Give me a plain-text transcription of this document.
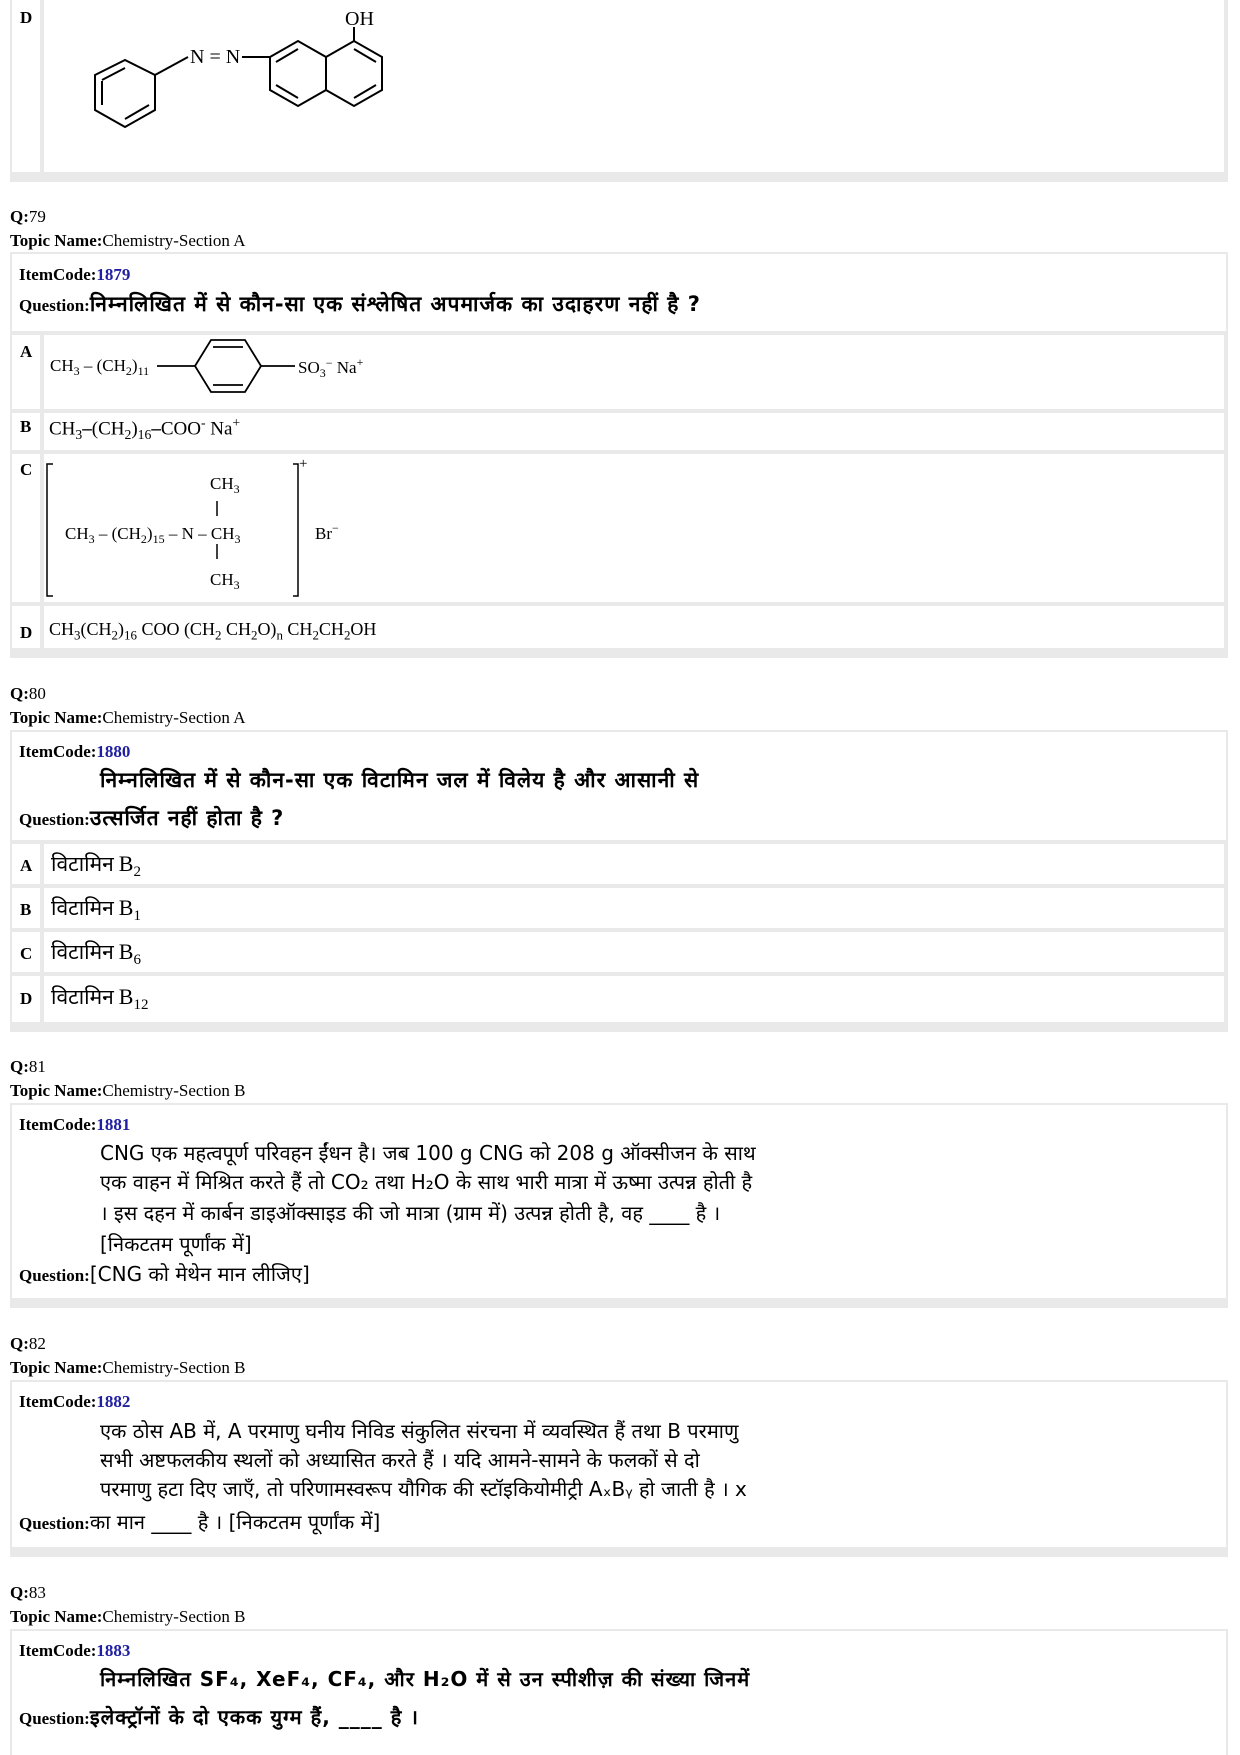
D
N = N
OH
Q:79
Topic Name:Chemistry-Section A
ItemCode:1879
Question:निम्नलिखित में से कौन-सा एक संश्लेषित अपमार्जक का उदाहरण नहीं है ?
A
$CH_3 - (CH_2)_{11}$	$SO_3^-$ Na+
B $CH_3-(CH_2)_{16}-COO^-$ Na+
C
$CH_3$
$CH_3 - (CH_2)_{15}$ – N – $CH_3$
$CH_3$
+
Br−
D $CH_3(CH_2)_{16}$ COO ($CH_2$ $CH_2O)_n$ $CH_2CH_2OH$
Q:80
Topic Name:Chemistry-Section A
ItemCode:1880
निम्नलिखित में से कौन-सा एक विटामिन जल में विलेय है और आसानी से
Question:उत्सर्जित नहीं होता है ?
A विटामिन $B_2$
B विटामिन $B_1$
C विटामिन $B_6$
D विटामिन $B_{12}$
Q:81
Topic Name:Chemistry-Section B
ItemCode:1881
CNG एक महत्वपूर्ण परिवहन ईंधन है। जब 100 g CNG को 208 g ऑक्सीजन के साथ
एक वाहन में मिश्रित करते हैं तो CO₂ तथा H₂O के साथ भारी मात्रा में ऊष्मा उत्पन्न होती है
। इस दहन में कार्बन डाइऑक्साइड की जो मात्रा (ग्राम में) उत्पन्न होती है, वह ____ है ।
[निकटतम पूर्णांक में]
Question:[CNG को मेथेन मान लीजिए]
Q:82
Topic Name:Chemistry-Section B
ItemCode:1882
एक ठोस AB में, A परमाणु घनीय निविड संकुलित संरचना में व्यवस्थित हैं तथा B परमाणु
सभी अष्टफलकीय स्थलों को अध्यासित करते हैं । यदि आमने-सामने के फलकों से दो
परमाणु हटा दिए जाएँ, तो परिणामस्वरूप यौगिक की स्टॉइकियोमीट्री AₓBᵧ हो जाती है । x
Question:का मान ____ है । [निकटतम पूर्णांक में]
Q:83
Topic Name:Chemistry-Section B
ItemCode:1883
निम्नलिखित SF₄, XeF₄, CF₄, और H₂O में से उन स्पीशीज़ की संख्या जिनमें
Question:इलेक्ट्रॉनों के दो एकक युग्म हैं, ____ है ।
